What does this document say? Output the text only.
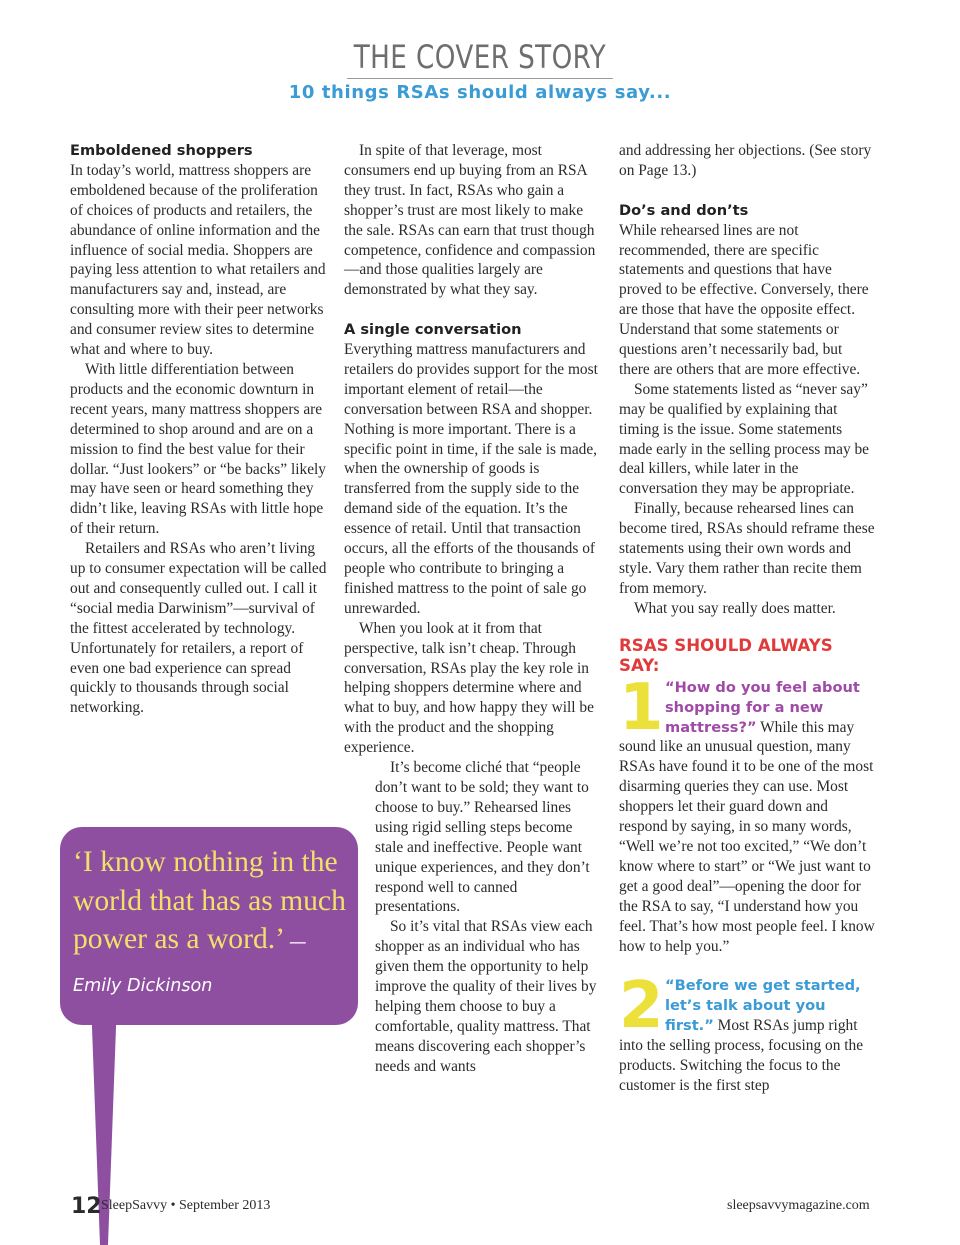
THE COVER STORY
10 things RSAs should always say...
Emboldened shoppers

In today’s world, mattress shoppers are emboldened because of the proliferation of choices of products and retailers, the abundance of online information and the influence of social media. Shoppers are paying less attention to what retailers and manufacturers say and, instead, are consulting more with their peer networks and consumer review sites to determine what and where to buy.

With little differentiation between products and the economic downturn in recent years, many mattress shoppers are determined to shop around and are on a mission to find the best value for their dollar. “Just lookers” or “be backs” likely may have seen or heard something they didn’t like, leaving RSAs with little hope of their return.

Retailers and RSAs who aren’t living up to consumer expectation will be called out and consequently culled out. I call it “social media Darwinism”—survival of the fittest accelerated by technology. Unfortunately for retailers, a report of even one bad experience can spread quickly to thousands through social networking.

In spite of that leverage, most consumers end up buying from an RSA they trust. In fact, RSAs who gain a shopper’s trust are most likely to make the sale. RSAs can earn that trust though competence, confidence and compassion—and those qualities largely are demonstrated by what they say.

A single conversation

Everything mattress manufacturers and retailers do provides support for the most important element of retail—the conversation between RSA and shopper. Nothing is more important. There is a specific point in time, if the sale is made, when the ownership of goods is transferred from the supply side to the demand side of the equation. It’s the essence of retail. Until that transaction occurs, all the efforts of the thousands of people who contribute to bringing a finished mattress to the point of sale go unrewarded.

When you look at it from that perspective, talk isn’t cheap. Through conversation, RSAs play the key role in helping shoppers determine where and what to buy, and how happy they will be with the product and the shopping experience.

It’s become cliché that “people don’t want to be sold; they want to choose to buy.” Rehearsed lines using rigid selling steps become stale and ineffective. People want unique experiences, and they don’t respond well to canned presentations.

So it’s vital that RSAs view each shopper as an individual who has given them the opportunity to help improve the quality of their lives by helping them choose to buy a comfortable, quality mattress. That means discovering each shopper’s needs and wants

and addressing her objections. (See story on Page 13.)

Do’s and don’ts

While rehearsed lines are not recommended, there are specific statements and questions that have proved to be effective. Conversely, there are those that have the opposite effect. Understand that some statements or questions aren’t necessarily bad, but there are others that are more effective.

Some statements listed as “never say” may be qualified by explaining that timing is the issue. Some statements made early in the selling process may be deal killers, while later in the conversation they may be appropriate.

Finally, because rehearsed lines can become tired, RSAs should reframe these statements using their own words and style. Vary them rather than recite them from memory.

What you say really does matter.

RSAS SHOULD ALWAYS SAY:
1 “How do you feel about shopping for a new mattress?” While this may sound like an unusual question, many RSAs have found it to be one of the most disarming queries they can use. Most shoppers let their guard down and respond by saying, in so many words, “Well we’re not too excited,” “We don’t know where to start” or “We just want to get a good deal”—opening the door for the RSA to say, “I understand how you feel. That’s how most people feel. I know how to help you.”
2 “Before we get started, let’s talk about you first.” Most RSAs jump right into the selling process, focusing on the products. Switching the focus to the customer is the first step
‘I know nothing in the world that has as much power as a word.’ —Emily Dickinson
12 SleepSavvy • September 2013	sleepsavvymagazine.com
